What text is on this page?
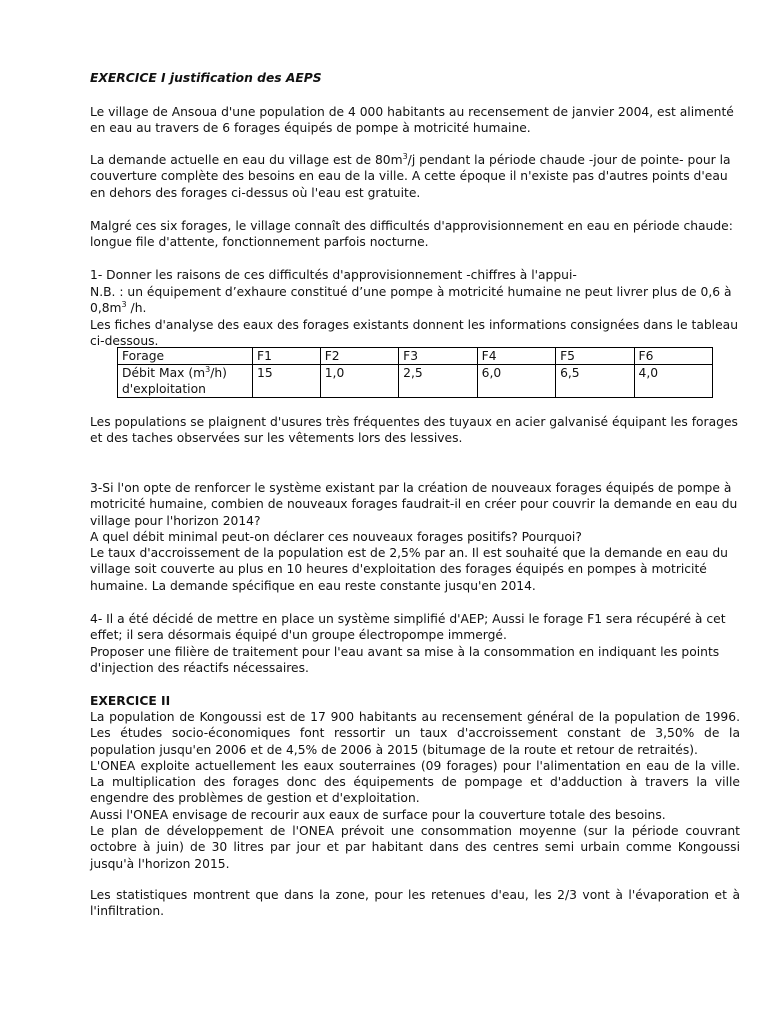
EXERCICE I justification des AEPS

Le village de Ansoua d'une population de 4 000 habitants au recensement de janvier 2004, est alimenté en eau au travers de 6 forages équipés de pompe à motricité humaine.

La demande actuelle en eau du village est de $80m^3/j$ pendant la période chaude -jour de pointe- pour la couverture complète des besoins en eau de la ville. A cette époque il n'existe pas d'autres points d'eau en dehors des forages ci-dessus où l'eau est gratuite.

Malgré ces six forages, le village connaît des difficultés d'approvisionnement en eau en période chaude: longue file d'attente, fonctionnement parfois nocturne.

1- Donner les raisons de ces difficultés d'approvisionnement -chiffres à l'appui-

N.B. : un équipement d’exhaure constitué d’une pompe à motricité humaine ne peut livrer plus de 0,6 à $0,8m^3$ /h.

Les fiches d'analyse des eaux des forages existants donnent les informations consignées dans le tableau ci-dessous.

Forage	F1	F2	F3	F4	F5	F6
Débit Max $(m^3/h)$ d'exploitation	15	1,0	2,5	6,0	6,5	4,0

Les populations se plaignent d'usures très fréquentes des tuyaux en acier galvanisé équipant les forages et des taches observées sur les vêtements lors des lessives.

3-Si l'on opte de renforcer le système existant par la création de nouveaux forages équipés de pompe à motricité humaine, combien de nouveaux forages faudrait-il en créer pour couvrir la demande en eau du village pour l'horizon 2014?
A quel débit minimal peut-on déclarer ces nouveaux forages positifs? Pourquoi?
Le taux d'accroissement de la population est de 2,5% par an. Il est souhaité que la demande en eau du village soit couverte au plus en 10 heures d'exploitation des forages équipés en pompes à motricité humaine. La demande spécifique en eau reste constante jusqu'en 2014.

4- Il a été décidé de mettre en place un système simplifié d'AEP; Aussi le forage F1 sera récupéré à cet effet; il sera désormais équipé d'un groupe électropompe immergé.
Proposer une filière de traitement pour l'eau avant sa mise à la consommation en indiquant les points d'injection des réactifs nécessaires.

EXERCICE II

La population de Kongoussi est de 17 900 habitants au recensement général de la population de 1996. Les études socio-économiques font ressortir un taux d'accroissement constant de 3,50% de la population jusqu'en 2006 et de 4,5% de 2006 à 2015 (bitumage de la route et retour de retraités).
L'ONEA exploite actuellement les eaux souterraines (09 forages) pour l'alimentation en eau de la ville. La multiplication des forages donc des équipements de pompage et d'adduction à travers la ville engendre des problèmes de gestion et d'exploitation.
Aussi l'ONEA envisage de recourir aux eaux de surface pour la couverture totale des besoins.
Le plan de développement de l'ONEA prévoit une consommation moyenne (sur la période couvrant octobre à juin) de 30 litres par jour et par habitant dans des centres semi urbain comme Kongoussi jusqu'à l'horizon 2015.

Les statistiques montrent que dans la zone, pour les retenues d'eau, les 2/3 vont à l'évaporation et à l'infiltration.
